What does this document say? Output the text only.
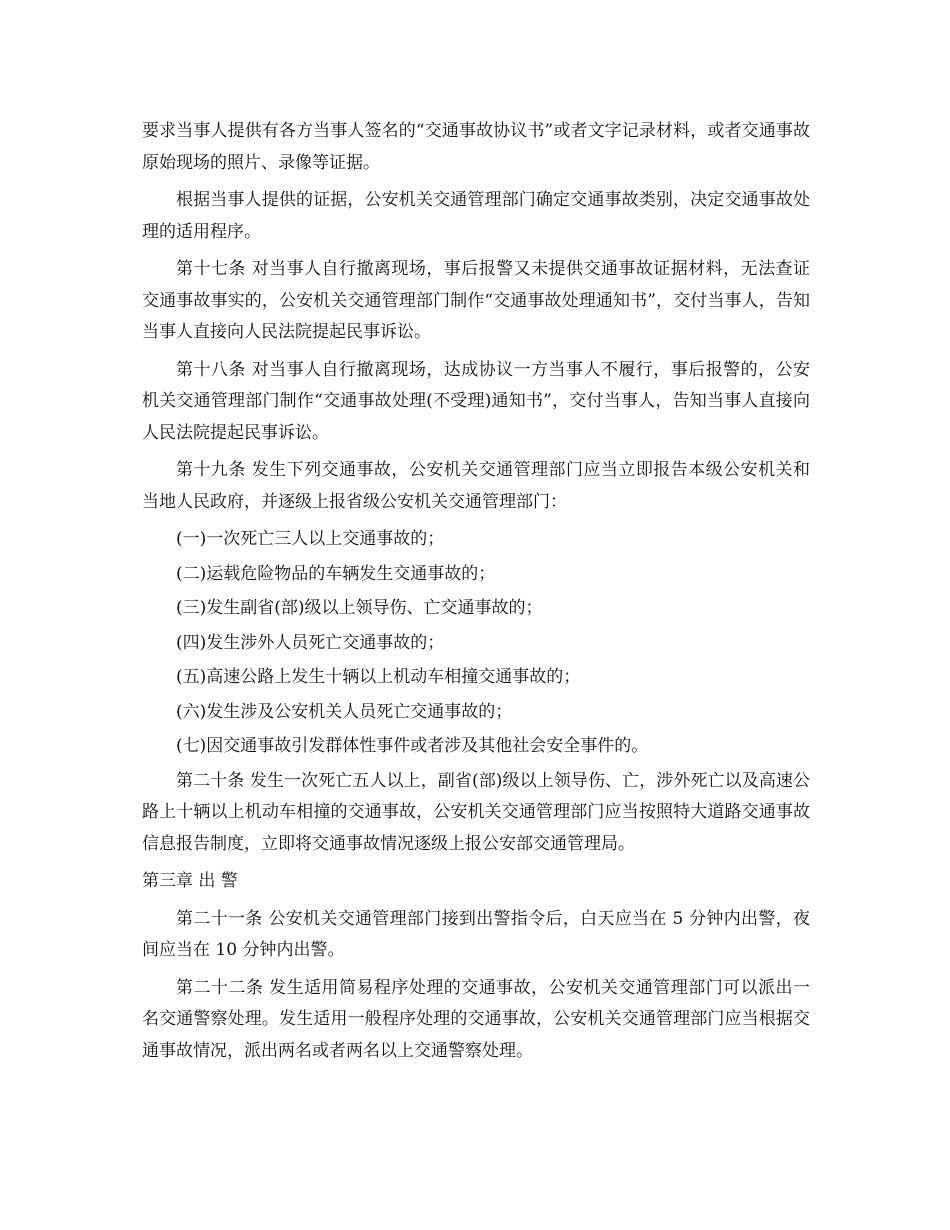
要求当事人提供有各方当事人签名的“交通事故协议书”或者文字记录材料，或者交通事故原始现场的照片、录像等证据。

根据当事人提供的证据，公安机关交通管理部门确定交通事故类别，决定交通事故处理的适用程序。

第十七条 对当事人自行撤离现场，事后报警又未提供交通事故证据材料，无法查证交通事故事实的，公安机关交通管理部门制作“交通事故处理通知书”，交付当事人，告知当事人直接向人民法院提起民事诉讼。

第十八条 对当事人自行撤离现场，达成协议一方当事人不履行，事后报警的，公安机关交通管理部门制作“交通事故处理(不受理)通知书”，交付当事人，告知当事人直接向人民法院提起民事诉讼。

第十九条 发生下列交通事故，公安机关交通管理部门应当立即报告本级公安机关和当地人民政府，并逐级上报省级公安机关交通管理部门：

(一)一次死亡三人以上交通事故的；

(二)运载危险物品的车辆发生交通事故的；

(三)发生副省(部)级以上领导伤、亡交通事故的；

(四)发生涉外人员死亡交通事故的；

(五)高速公路上发生十辆以上机动车相撞交通事故的；

(六)发生涉及公安机关人员死亡交通事故的；

(七)因交通事故引发群体性事件或者涉及其他社会安全事件的。

第二十条 发生一次死亡五人以上，副省(部)级以上领导伤、亡，涉外死亡以及高速公路上十辆以上机动车相撞的交通事故，公安机关交通管理部门应当按照特大道路交通事故信息报告制度，立即将交通事故情况逐级上报公安部交通管理局。

第三章 出 警

第二十一条 公安机关交通管理部门接到出警指令后，白天应当在 5 分钟内出警，夜间应当在 10 分钟内出警。

第二十二条 发生适用简易程序处理的交通事故，公安机关交通管理部门可以派出一名交通警察处理。发生适用一般程序处理的交通事故，公安机关交通管理部门应当根据交通事故情况，派出两名或者两名以上交通警察处理。
